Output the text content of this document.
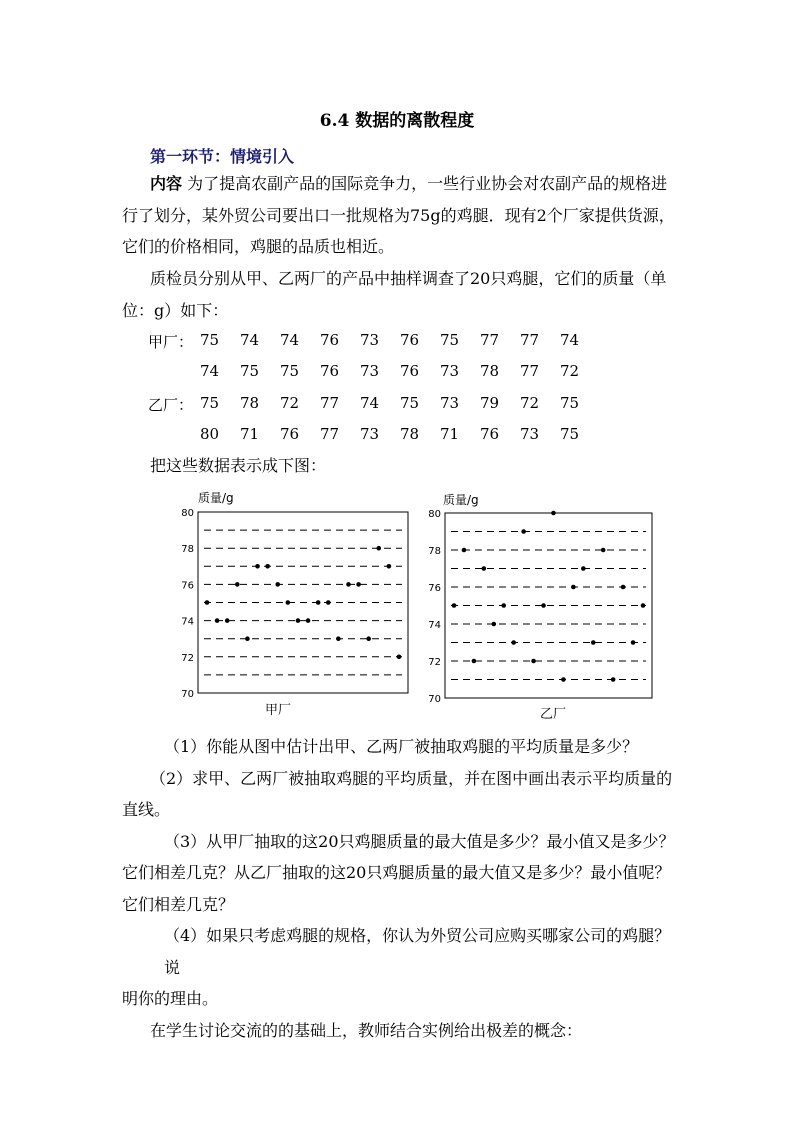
6.4 数据的离散程度
第一环节：情境引入
内容 为了提高农副产品的国际竞争力，一些行业协会对农副产品的规格进
行了划分，某外贸公司要出口一批规格为75g的鸡腿．现有2个厂家提供货源，
它们的价格相同，鸡腿的品质也相近。
质检员分别从甲、乙两厂的产品中抽样调查了20只鸡腿，它们的质量（单
位：g）如下：
甲厂： 75	74	74	76	73	76	75	77	77	74
74	75	75	76	73	76	73	78	77	72
乙厂： 75	78	72	77	74	75	73	79	72	75
80	71	76	77	73	78	71	76	73	75
把这些数据表示成下图：
质量/g
70
72
74
76
78
80
甲厂
质量/g
70
72
74
76
78
80
乙厂
（1）你能从图中估计出甲、乙两厂被抽取鸡腿的平均质量是多少？
（2）求甲、乙两厂被抽取鸡腿的平均质量，并在图中画出表示平均质量的
直线。
（3）从甲厂抽取的这20只鸡腿质量的最大值是多少？最小值又是多少？
它们相差几克？从乙厂抽取的这20只鸡腿质量的最大值又是多少？最小值呢？
它们相差几克？
（4）如果只考虑鸡腿的规格，你认为外贸公司应购买哪家公司的鸡腿？说
明你的理由。
在学生讨论交流的的基础上，教师结合实例给出极差的概念：
